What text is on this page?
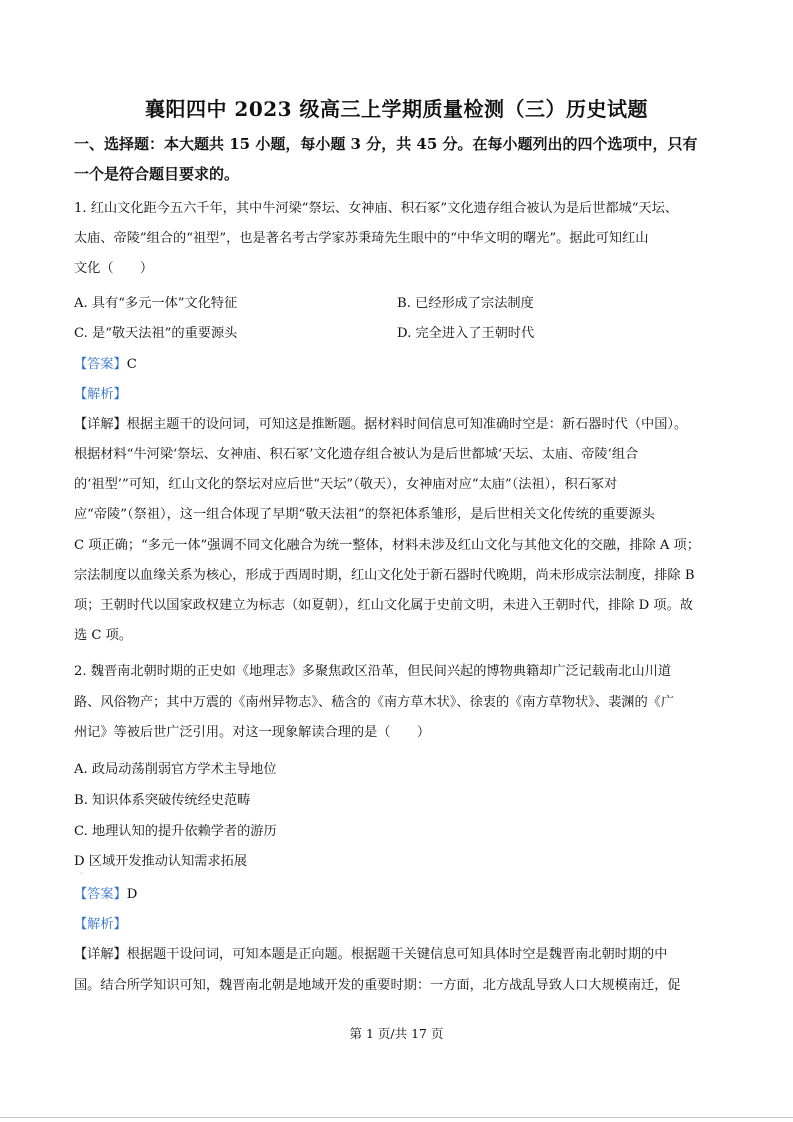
襄阳四中 2023 级高三上学期质量检测（三）历史试题
一、选择题：本大题共 15 小题，每小题 3 分，共 45 分。在每小题列出的四个选项中，只有
一个是符合题目要求的。
1. 红山文化距今五六千年，其中牛河梁“祭坛、女神庙、积石冢”文化遗存组合被认为是后世都城“天坛、
太庙、帝陵”组合的“祖型”，也是著名考古学家苏秉琦先生眼中的“中华文明的曙光”。据此可知红山
文化（　　）
A. 具有“多元一体”文化特征	B. 已经形成了宗法制度
C. 是“敬天法祖”的重要源头	D. 完全进入了王朝时代
【答案】C
【解析】
【详解】根据主题干的设问词，可知这是推断题。据材料时间信息可知准确时空是：新石器时代（中国）。
根据材料“牛河梁‘祭坛、女神庙、积石冢’文化遗存组合被认为是后世都城‘天坛、太庙、帝陵’组合
的‘祖型’”可知，红山文化的祭坛对应后世“天坛”（敬天），女神庙对应“太庙”（法祖），积石冢对
应“帝陵”（祭祖），这一组合体现了早期“敬天法祖”的祭祀体系雏形，是后世相关文化传统的重要源头
C 项正确；“多元一体”强调不同文化融合为统一整体，材料未涉及红山文化与其他文化的交融，排除 A 项；
宗法制度以血缘关系为核心，形成于西周时期，红山文化处于新石器时代晚期，尚未形成宗法制度，排除 B
项；王朝时代以国家政权建立为标志（如夏朝），红山文化属于史前文明，未进入王朝时代，排除 D 项。故
选 C 项。
2. 魏晋南北朝时期的正史如《地理志》多聚焦政区沿革，但民间兴起的博物典籍却广泛记载南北山川道
路、风俗物产；其中万震的《南州异物志》、嵇含的《南方草木状》、徐衷的《南方草物状》、裴渊的《广
州记》等被后世广泛引用。对这一现象解读合理的是（　　）
A. 政局动荡削弱官方学术主导地位
B. 知识体系突破传统经史范畴
C. 地理认知的提升依赖学者的游历
D 区域开发推动认知需求拓展
·
【答案】D
【解析】
【详解】根据题干设问词，可知本题是正向题。根据题干关键信息可知具体时空是魏晋南北朝时期的中
国。结合所学知识可知，魏晋南北朝是地域开发的重要时期：一方面，北方战乱导致人口大规模南迁，促
第 1 页/共 17 页
